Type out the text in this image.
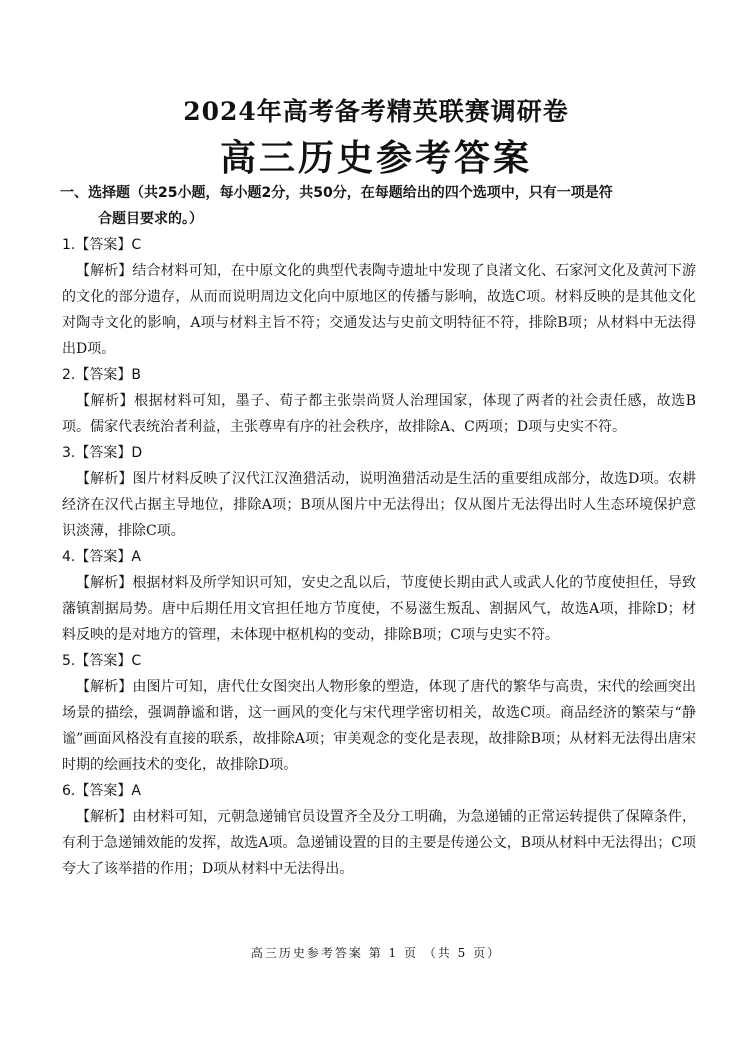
2024年高考备考精英联赛调研卷
高三历史参考答案

一、选择题（共25小题，每小题2分，共50分，在每题给出的四个选项中，只有一项是符
合题目要求的。）

1.【答案】C

【解析】结合材料可知，在中原文化的典型代表陶寺遗址中发现了良渚文化、石家河文化及黄河下游的文化的部分遗存，从而而说明周边文化向中原地区的传播与影响，故选C项。材料反映的是其他文化对陶寺文化的影响，A项与材料主旨不符；交通发达与史前文明特征不符，排除B项；从材料中无法得出D项。

2.【答案】B

【解析】根据材料可知，墨子、荀子都主张崇尚贤人治理国家，体现了两者的社会责任感，故选B项。儒家代表统治者利益，主张尊卑有序的社会秩序，故排除A、C两项；D项与史实不符。

3.【答案】D

【解析】图片材料反映了汉代江汉渔猎活动，说明渔猎活动是生活的重要组成部分，故选D项。农耕经济在汉代占据主导地位，排除A项；B项从图片中无法得出；仅从图片无法得出时人生态环境保护意识淡薄，排除C项。

4.【答案】A

【解析】根据材料及所学知识可知，安史之乱以后，节度使长期由武人或武人化的节度使担任，导致藩镇割据局势。唐中后期任用文官担任地方节度使，不易滋生叛乱、割据风气，故选A项，排除D；材料反映的是对地方的管理，未体现中枢机构的变动，排除B项；C项与史实不符。

5.【答案】C

【解析】由图片可知，唐代仕女图突出人物形象的塑造，体现了唐代的繁华与高贵，宋代的绘画突出场景的描绘，强调静谧和谐，这一画风的变化与宋代理学密切相关，故选C项。商品经济的繁荣与“静谧”画面风格没有直接的联系，故排除A项；审美观念的变化是表现，故排除B项；从材料无法得出唐宋时期的绘画技术的变化，故排除D项。

6.【答案】A

【解析】由材料可知，元朝急递铺官员设置齐全及分工明确，为急递铺的正常运转提供了保障条件，有利于急递铺效能的发挥，故选A项。急递铺设置的目的主要是传递公文，B项从材料中无法得出；C项夸大了该举措的作用；D项从材料中无法得出。

高三历史参考答案 第 1 页 （共 5 页）
